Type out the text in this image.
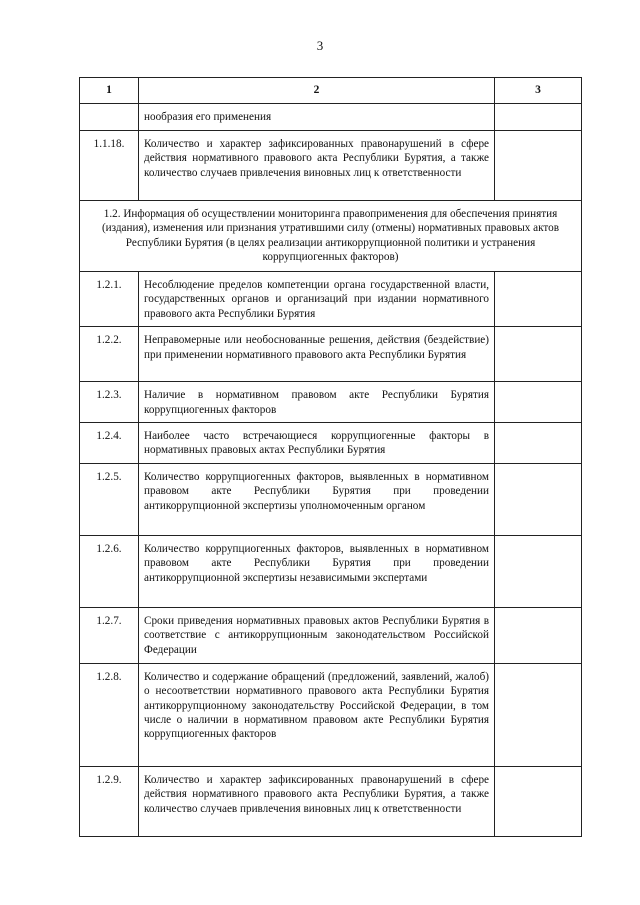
3
1	2	3
	нообразия его применения	
1.1.18.	Количество и характер зафиксированных правонарушений в сфере действия нормативного правового акта Республики Бурятия, а также количество случаев привлечения виновных лиц к ответственности	
1.2. Информация об осуществлении мониторинга правоприменения для обеспечения принятия (издания), изменения или признания утратившими силу (отмены) нормативных правовых актов Республики Бурятия (в целях реализации антикоррупционной политики и устранения коррупциогенных факторов)		
1.2.1.	Несоблюдение пределов компетенции органа государственной власти, государственных органов и организаций при издании нормативного правового акта Республики Бурятия	
1.2.2.	Неправомерные или необоснованные решения, действия (бездействие) при применении нормативного правового акта Республики Бурятия	
1.2.3.	Наличие в нормативном правовом акте Республики Бурятия коррупциогенных факторов	
1.2.4.	Наиболее часто встречающиеся коррупциогенные факторы в нормативных правовых актах Республики Бурятия	
1.2.5.	Количество коррупциогенных факторов, выявленных в нормативном правовом акте Республики Бурятия при проведении антикоррупционной экспертизы уполномоченным органом	
1.2.6.	Количество коррупциогенных факторов, выявленных в нормативном правовом акте Республики Бурятия при проведении антикоррупционной экспертизы независимыми экспертами	
1.2.7.	Сроки приведения нормативных правовых актов Республики Бурятия в соответствие с антикоррупционным законодательством Российской Федерации	
1.2.8.	Количество и содержание обращений (предложений, заявлений, жалоб) о несоответствии нормативного правового акта Республики Бурятия антикоррупционному законодательству Российской Федерации, в том числе о наличии в нормативном правовом акте Республики Бурятия коррупциогенных факторов	
1.2.9.	Количество и характер зафиксированных правонарушений в сфере действия нормативного правового акта Республики Бурятия, а также количество случаев привлечения виновных лиц к ответственности	
